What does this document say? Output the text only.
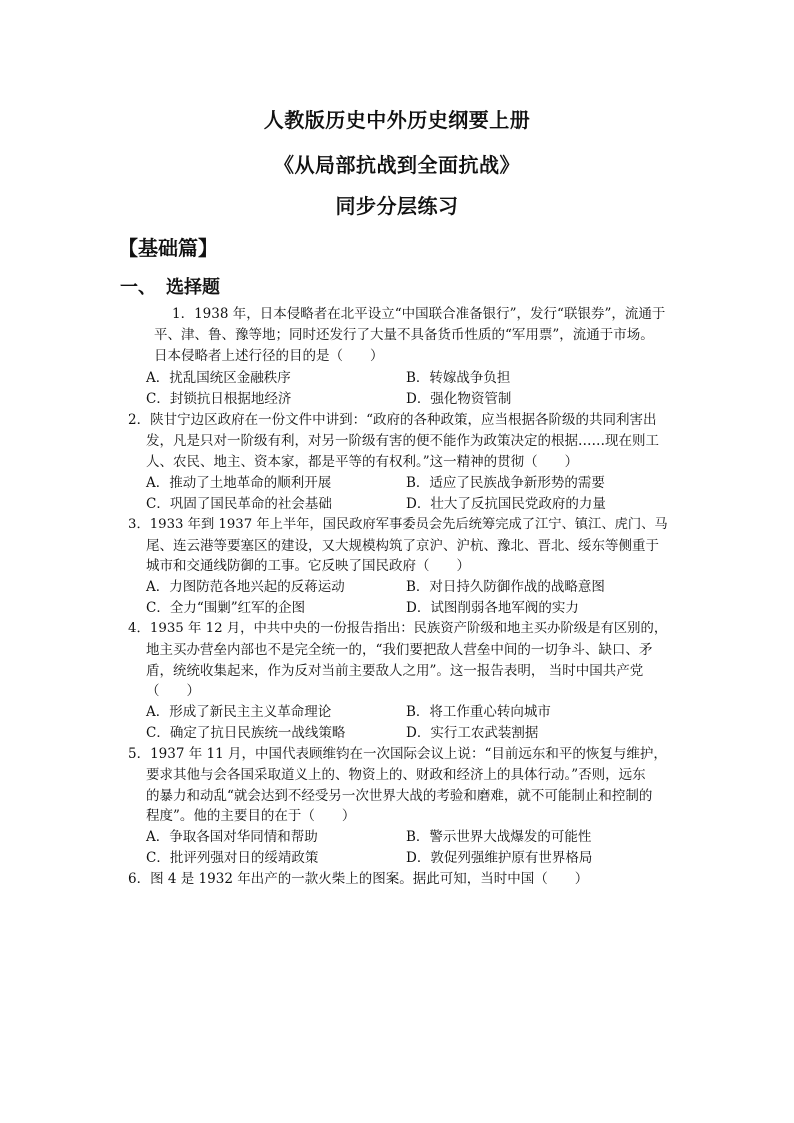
人教版历史中外历史纲要上册
《从局部抗战到全面抗战》
同步分层练习
【基础篇】
一、 选择题
1．1938 年，日本侵略者在北平设立“中国联合准备银行”，发行“联银券”，流通于
平、津、鲁、豫等地；同时还发行了大量不具备货币性质的“军用票”，流通于市场。
日本侵略者上述行径的目的是（　　）
A．扰乱国统区金融秩序	B．转嫁战争负担
C．封锁抗日根据地经济	D．强化物资管制
2．陕甘宁边区政府在一份文件中讲到：“政府的各种政策，应当根据各阶级的共同利害出
发，凡是只对一阶级有利，对另一阶级有害的便不能作为政策决定的根据……现在则工
人、农民、地主、资本家，都是平等的有权利。”这一精神的贯彻（　　）
A．推动了土地革命的顺利开展	B．适应了民族战争新形势的需要
C．巩固了国民革命的社会基础	D．壮大了反抗国民党政府的力量
3．1933 年到 1937 年上半年，国民政府军事委员会先后统筹完成了江宁、镇江、虎门、马
尾、连云港等要塞区的建设，又大规模构筑了京沪、沪杭、豫北、晋北、绥东等侧重于
城市和交通线防御的工事。它反映了国民政府（　　）
A．力图防范各地兴起的反蒋运动	B．对日持久防御作战的战略意图
C．全力“围剿”红军的企图	D．试图削弱各地军阀的实力
4．1935 年 12 月，中共中央的一份报告指出：民族资产阶级和地主买办阶级是有区别的，
地主买办营垒内部也不是完全统一的，“我们要把敌人营垒中间的一切争斗、缺口、矛
盾，统统收集起来，作为反对当前主要敌人之用”。这一报告表明， 当时中国共产党
（　　）
A．形成了新民主主义革命理论	B．将工作重心转向城市
C．确定了抗日民族统一战线策略	D．实行工农武装割据
5．1937 年 11 月，中国代表顾维钧在一次国际会议上说：“目前远东和平的恢复与维护，
要求其他与会各国采取道义上的、物资上的、财政和经济上的具体行动。”否则，远东
的暴力和动乱“就会达到不经受另一次世界大战的考验和磨难，就不可能制止和控制的
程度”。他的主要目的在于（　　）
A．争取各国对华同情和帮助	B．警示世界大战爆发的可能性
C．批评列强对日的绥靖政策	D．敦促列强维护原有世界格局
6．图 4 是 1932 年出产的一款火柴上的图案。据此可知，当时中国（　　）
